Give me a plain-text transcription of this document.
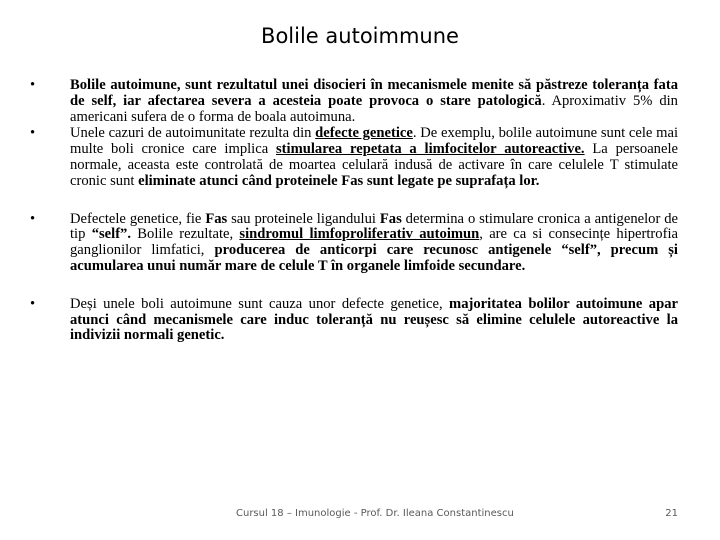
Bolile autoimmune
• Bolile autoimune, sunt rezultatul unei disocieri în mecanismele menite să păstreze toleranța fata de self, iar afectarea severa a acesteia poate provoca o stare patologică. Aproximativ 5% din americani sufera de o forma de boala autoimuna.
• Unele cazuri de autoimunitate rezulta din defecte genetice. De exemplu, bolile autoimune sunt cele mai multe boli cronice care implica stimularea repetata a limfocitelor autoreactive. La persoanele normale, aceasta este controlată de moartea celulară indusă de activare în care celulele T stimulate cronic sunt eliminate atunci când proteinele Fas sunt legate pe suprafața lor.
• Defectele genetice, fie Fas sau proteinele ligandului Fas determina o stimulare cronica a antigenelor de tip “self”. Bolile rezultate, sindromul limfoproliferativ autoimun, are ca si consecințe hipertrofia ganglionilor limfatici, producerea de anticorpi care recunosc antigenele “self”, precum și acumularea unui număr mare de celule T în organele limfoide secundare.
• Deși unele boli autoimune sunt cauza unor defecte genetice, majoritatea bolilor autoimune apar atunci când mecanismele care induc toleranță nu reușesc să elimine celulele autoreactive la indivizii normali genetic.
Cursul 18 – Imunologie - Prof. Dr. Ileana Constantinescu	21
